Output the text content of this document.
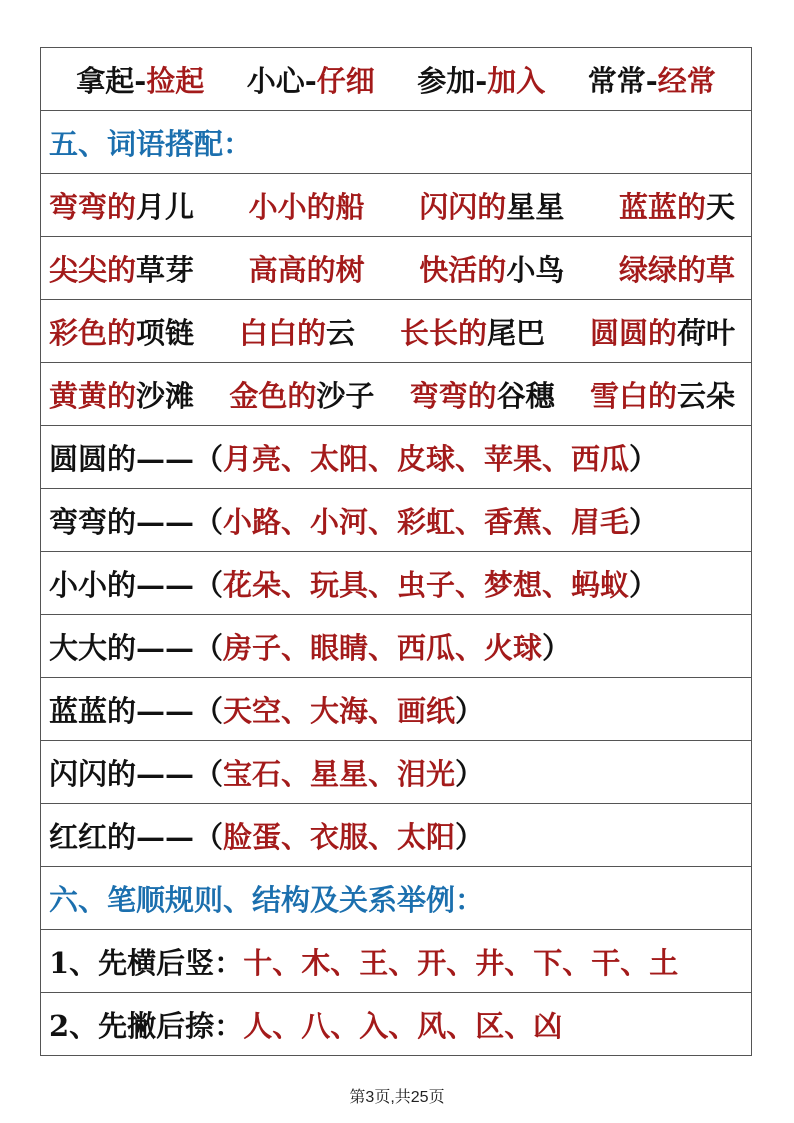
拿起-捡起 小心-仔细 参加-加入 常常-经常

五、词语搭配：

弯弯的月儿 小小的船 闪闪的星星 蓝蓝的天

尖尖的草芽 高高的树 快活的小鸟 绿绿的草

彩色的项链 白白的云 长长的尾巴 圆圆的荷叶

黄黄的沙滩 金色的沙子 弯弯的谷穗 雪白的云朵

圆圆的——（月亮、太阳、皮球、苹果、西瓜）
弯弯的——（小路、小河、彩虹、香蕉、眉毛）
小小的——（花朵、玩具、虫子、梦想、蚂蚁）
大大的——（房子、眼睛、西瓜、火球）
蓝蓝的——（天空、大海、画纸）
闪闪的——（宝石、星星、泪光）
红红的——（脸蛋、衣服、太阳）
六、笔顺规则、结构及关系举例：
1、先横后竖：十、木、王、开、井、下、干、土
2、先撇后捺：人、八、入、风、区、凶
第3页,共25页
